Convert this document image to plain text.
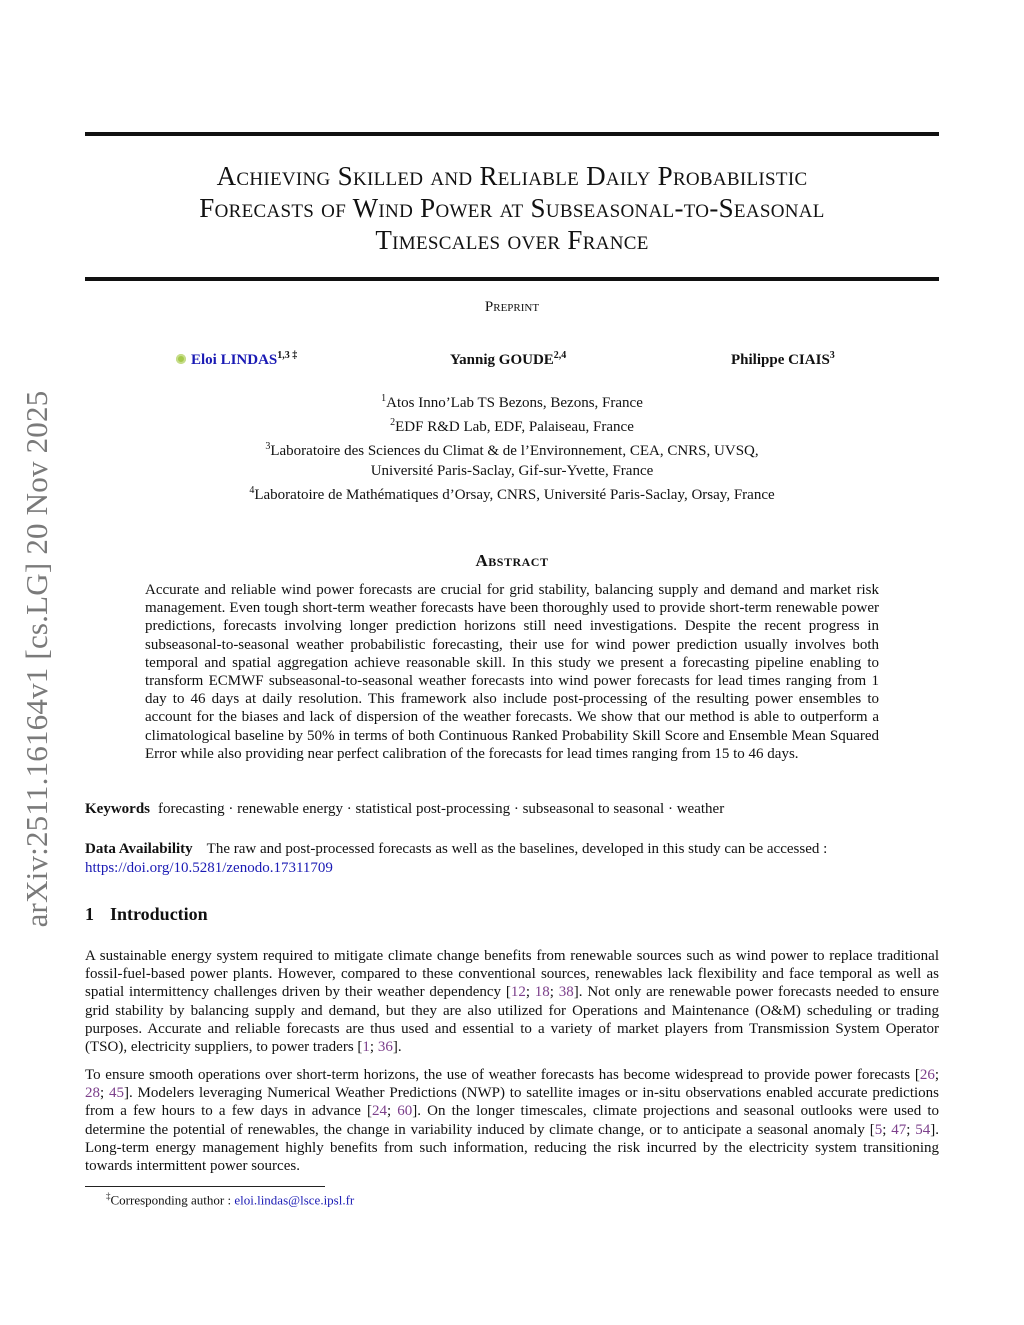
arXiv:2511.16164v1 [cs.LG] 20 Nov 2025
Achieving Skilled and Reliable Daily Probabilistic
Forecasts of Wind Power at Subseasonal-to-Seasonal
Timescales over France
Preprint
Eloi $LINDAS^{1,3 \ddagger}$	Yannig GOUDE$^{2,4}$	Philippe CIAIS$^3$
$^1$Atos Inno’Lab TS Bezons, Bezons, France
$^2$EDF R&D Lab, EDF, Palaiseau, France
$^3$Laboratoire des Sciences du Climat & de l’Environnement, CEA, CNRS, UVSQ,
Université Paris-Saclay, Gif-sur-Yvette, France
$^4$Laboratoire de Mathématiques d’Orsay, CNRS, Université Paris-Saclay, Orsay, France
Abstract

Accurate and reliable wind power forecasts are crucial for grid stability, balancing supply and demand and market risk management. Even tough short-term weather forecasts have been thoroughly used to provide short-term renewable power predictions, forecasts involving longer prediction horizons still need investigations. Despite the recent progress in subseasonal-to-seasonal weather probabilistic forecasting, their use for wind power prediction usually involves both temporal and spatial aggregation achieve reasonable skill. In this study we present a forecasting pipeline enabling to transform ECMWF subseasonal-to-seasonal weather forecasts into wind power forecasts for lead times ranging from 1 day to 46 days at daily resolution. This framework also include post-processing of the resulting power ensembles to account for the biases and lack of dispersion of the weather forecasts. We show that our method is able to outperform a climatological baseline by 50% in terms of both Continuous Ranked Probability Skill Score and Ensemble Mean Squared Error while also providing near perfect calibration of the forecasts for lead times ranging from 15 to 46 days.

Keywords forecasting · renewable energy · statistical post-processing · subseasonal to seasonal · weather

Data Availability The raw and post-processed forecasts as well as the baselines, developed in this study can be accessed :
https://doi.org/10.5281/zenodo.17311709

1 Introduction

A sustainable energy system required to mitigate climate change benefits from renewable sources such as wind power to replace traditional fossil-fuel-based power plants. However, compared to these conventional sources, renewables lack flexibility and face temporal as well as spatial intermittency challenges driven by their weather dependency [12; 18; 38]. Not only are renewable power forecasts needed to ensure grid stability by balancing supply and demand, but they are also utilized for Operations and Maintenance (O&M) scheduling or trading purposes. Accurate and reliable forecasts are thus used and essential to a variety of market players from Transmission System Operator (TSO), electricity suppliers, to power traders [1; 36].

To ensure smooth operations over short-term horizons, the use of weather forecasts has become widespread to provide power forecasts [26; 28; 45]. Modelers leveraging Numerical Weather Predictions (NWP) to satellite images or in-situ observations enabled accurate predictions from a few hours to a few days in advance [24; 60]. On the longer timescales, climate projections and seasonal outlooks were used to determine the potential of renewables, the change in variability induced by climate change, or to anticipate a seasonal anomaly [5; 47; 54]. Long-term energy management highly benefits from such information, reducing the risk incurred by the electricity system transitioning towards intermittent power sources.

‡Corresponding author : eloi.lindas@lsce.ipsl.fr
